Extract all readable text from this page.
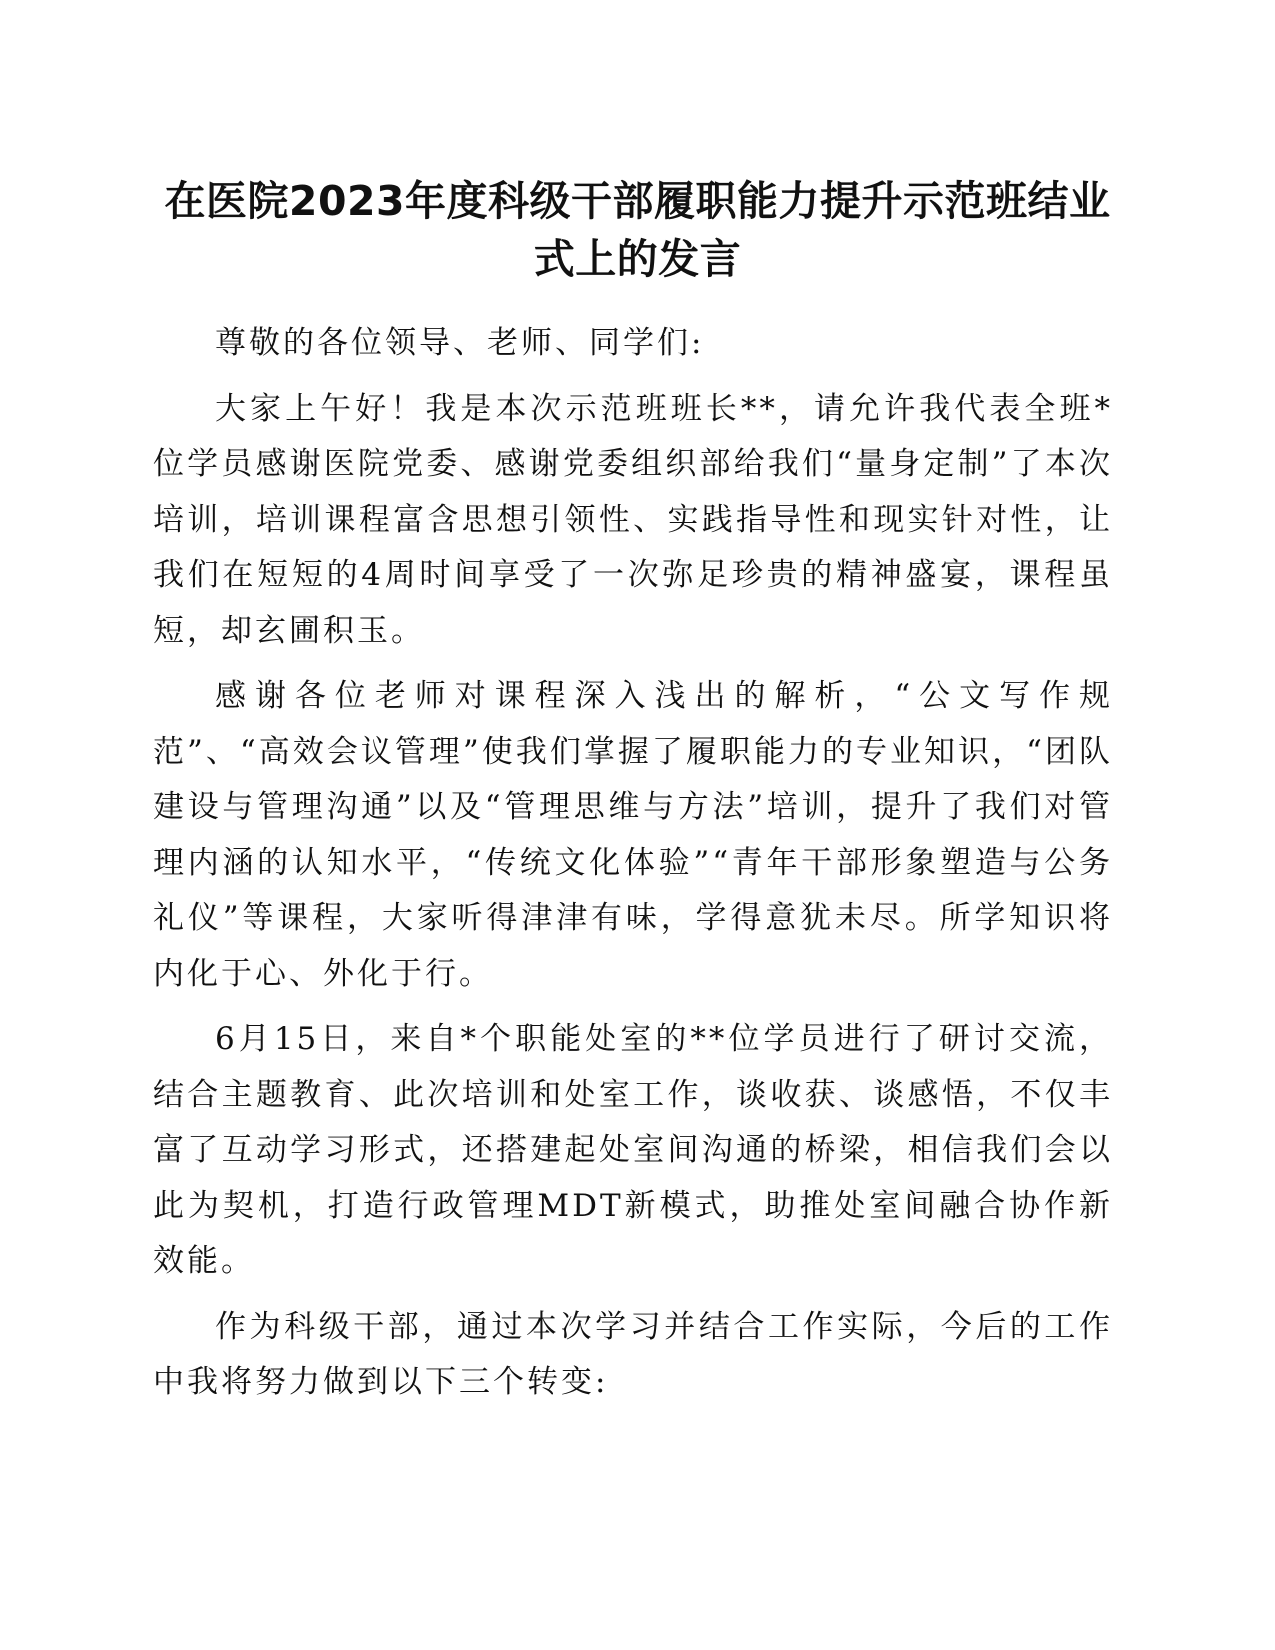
在医院2023年度科级干部履职能力提升示范班结业式上的发言

尊敬的各位领导、老师、同学们:

大家上午好！我是本次示范班班长**，请允许我代表全班*位学员感谢医院党委、感谢党委组织部给我们“量身定制”了本次培训，培训课程富含思想引领性、实践指导性和现实针对性，让我们在短短的4周时间享受了一次弥足珍贵的精神盛宴，课程虽短，却玄圃积玉。

感谢各位老师对课程深入浅出的解析，“公文写作规范”、“高效会议管理”使我们掌握了履职能力的专业知识，“团队建设与管理沟通”以及“管理思维与方法”培训，提升了我们对管理内涵的认知水平，“传统文化体验”“青年干部形象塑造与公务礼仪”等课程，大家听得津津有味，学得意犹未尽。所学知识将内化于心、外化于行。

6月15日，来自*个职能处室的**位学员进行了研讨交流，结合主题教育、此次培训和处室工作，谈收获、谈感悟，不仅丰富了互动学习形式，还搭建起处室间沟通的桥梁，相信我们会以此为契机，打造行政管理MDT新模式，助推处室间融合协作新效能。

作为科级干部，通过本次学习并结合工作实际，今后的工作中我将努力做到以下三个转变:
